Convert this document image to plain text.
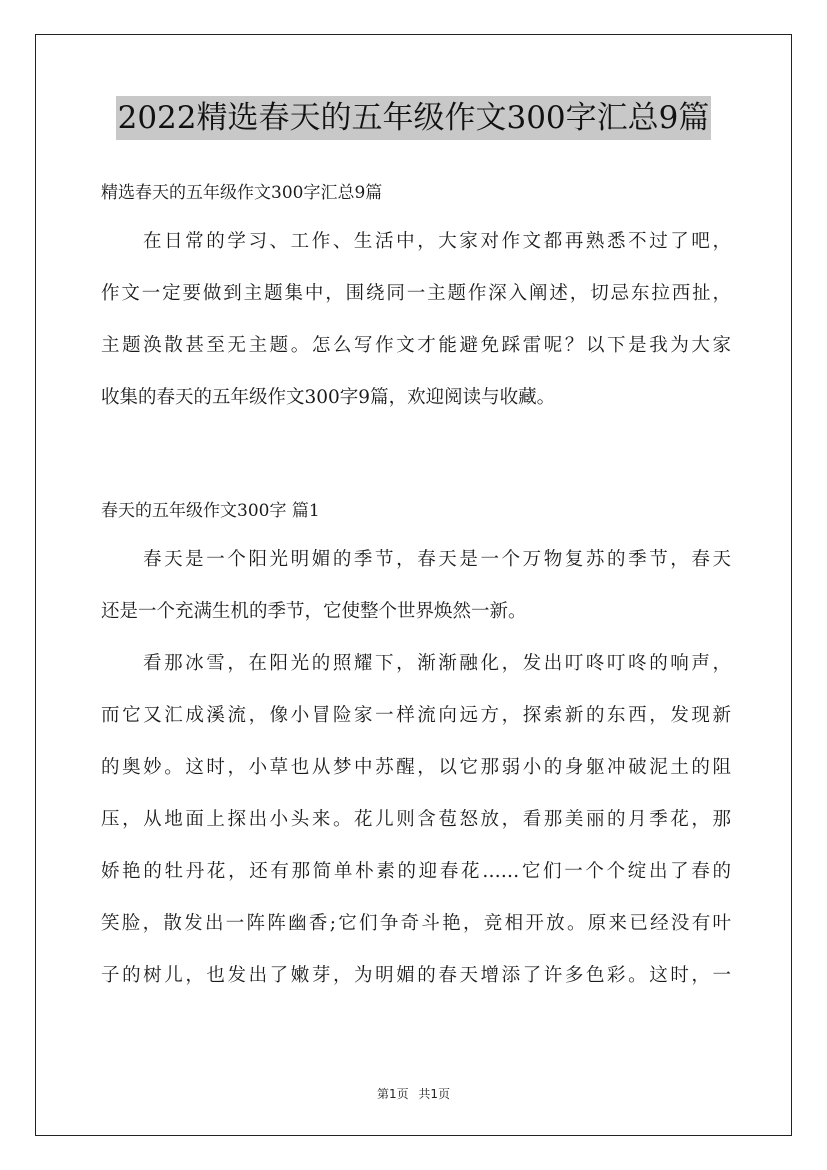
2022精选春天的五年级作文300字汇总9篇
精选春天的五年级作文300字汇总9篇
在日常的学习、工作、生活中，大家对作文都再熟悉不过了吧，
作文一定要做到主题集中，围绕同一主题作深入阐述，切忌东拉西扯，
主题涣散甚至无主题。怎么写作文才能避免踩雷呢？以下是我为大家
收集的春天的五年级作文300字9篇，欢迎阅读与收藏。
春天的五年级作文300字 篇1
春天是一个阳光明媚的季节，春天是一个万物复苏的季节，春天
还是一个充满生机的季节，它使整个世界焕然一新。
看那冰雪，在阳光的照耀下，渐渐融化，发出叮咚叮咚的响声，
而它又汇成溪流，像小冒险家一样流向远方，探索新的东西，发现新
的奥妙。这时，小草也从梦中苏醒，以它那弱小的身躯冲破泥土的阻
压，从地面上探出小头来。花儿则含苞怒放，看那美丽的月季花，那
娇艳的牡丹花，还有那简单朴素的迎春花……它们一个个绽出了春的
笑脸，散发出一阵阵幽香;它们争奇斗艳，竞相开放。原来已经没有叶
子的树儿，也发出了嫩芽，为明媚的春天增添了许多色彩。这时，一
第1页 共1页
